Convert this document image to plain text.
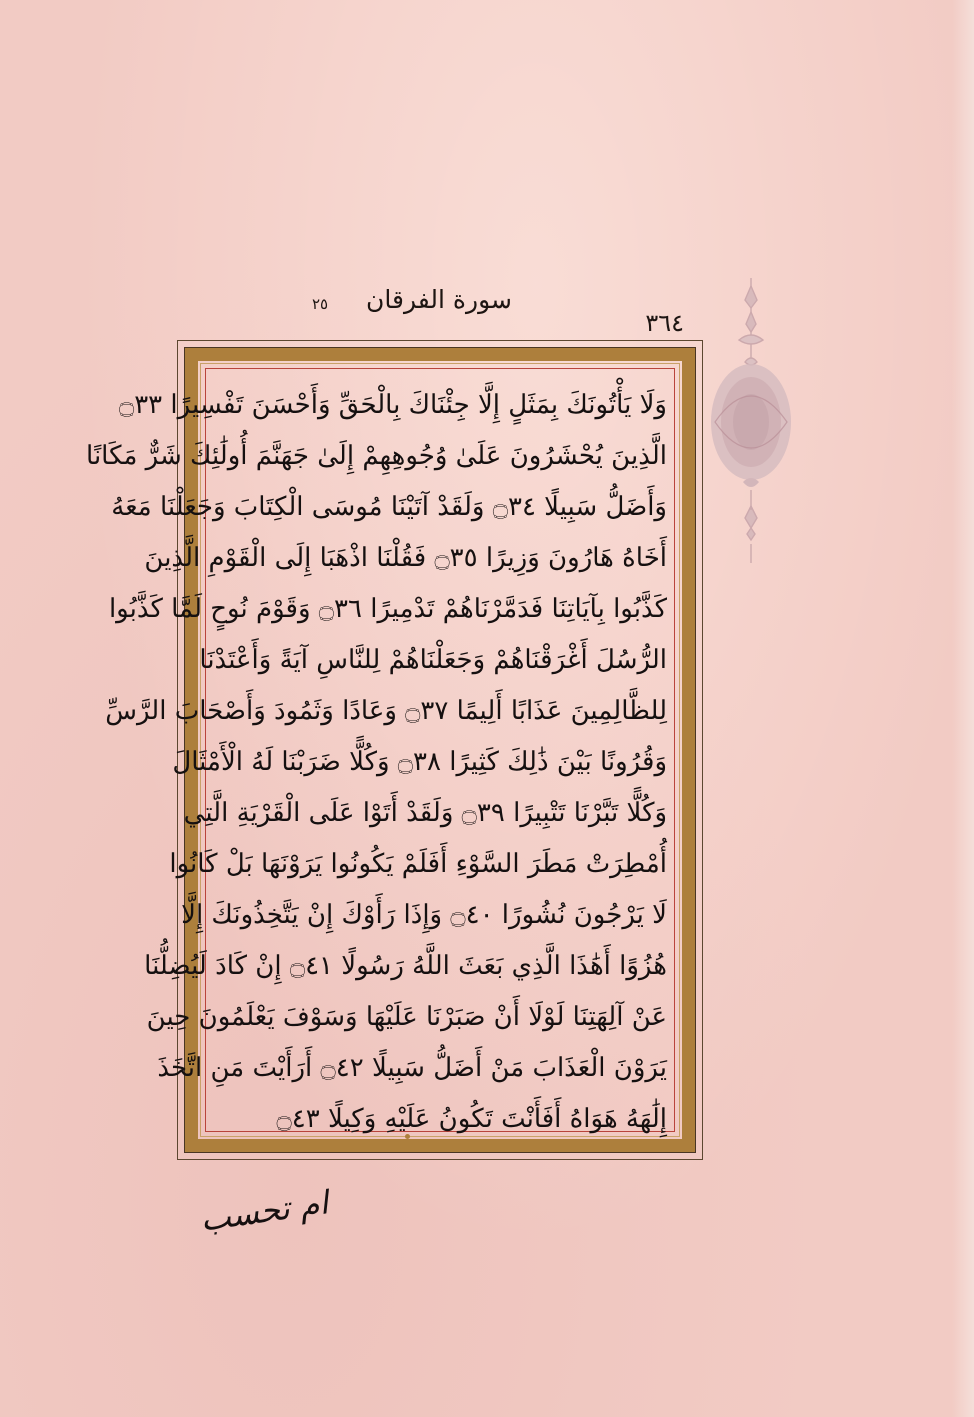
٢٥	سورة الفرقان
٣٦٤
وَلَا يَأْتُونَكَ بِمَثَلٍ إِلَّا جِئْنَاكَ بِالْحَقِّ وَأَحْسَنَ تَفْسِيرًا ۝٣٣
الَّذِينَ يُحْشَرُونَ عَلَىٰ وُجُوهِهِمْ إِلَىٰ جَهَنَّمَ أُولَٰئِكَ شَرٌّ مَكَانًا
وَأَضَلُّ سَبِيلًا ۝٣٤ وَلَقَدْ آتَيْنَا مُوسَى الْكِتَابَ وَجَعَلْنَا مَعَهُ
أَخَاهُ هَارُونَ وَزِيرًا ۝٣٥ فَقُلْنَا اذْهَبَا إِلَى الْقَوْمِ الَّذِينَ
كَذَّبُوا بِآيَاتِنَا فَدَمَّرْنَاهُمْ تَدْمِيرًا ۝٣٦ وَقَوْمَ نُوحٍ لَمَّا كَذَّبُوا
الرُّسُلَ أَغْرَقْنَاهُمْ وَجَعَلْنَاهُمْ لِلنَّاسِ آيَةً وَأَعْتَدْنَا
لِلظَّالِمِينَ عَذَابًا أَلِيمًا ۝٣٧ وَعَادًا وَثَمُودَ وَأَصْحَابَ الرَّسِّ
وَقُرُونًا بَيْنَ ذَٰلِكَ كَثِيرًا ۝٣٨ وَكُلًّا ضَرَبْنَا لَهُ الْأَمْثَالَ
وَكُلًّا تَبَّرْنَا تَتْبِيرًا ۝٣٩ وَلَقَدْ أَتَوْا عَلَى الْقَرْيَةِ الَّتِي
أُمْطِرَتْ مَطَرَ السَّوْءِ أَفَلَمْ يَكُونُوا يَرَوْنَهَا بَلْ كَانُوا
لَا يَرْجُونَ نُشُورًا ۝٤٠ وَإِذَا رَأَوْكَ إِنْ يَتَّخِذُونَكَ إِلَّا
هُزُوًا أَهَٰذَا الَّذِي بَعَثَ اللَّهُ رَسُولًا ۝٤١ إِنْ كَادَ لَيُضِلُّنَا
عَنْ آلِهَتِنَا لَوْلَا أَنْ صَبَرْنَا عَلَيْهَا وَسَوْفَ يَعْلَمُونَ حِينَ
يَرَوْنَ الْعَذَابَ مَنْ أَضَلُّ سَبِيلًا ۝٤٢ أَرَأَيْتَ مَنِ اتَّخَذَ
إِلَٰهَهُ هَوَاهُ أَفَأَنْتَ تَكُونُ عَلَيْهِ وَكِيلًا ۝٤٣
ام تحسب
